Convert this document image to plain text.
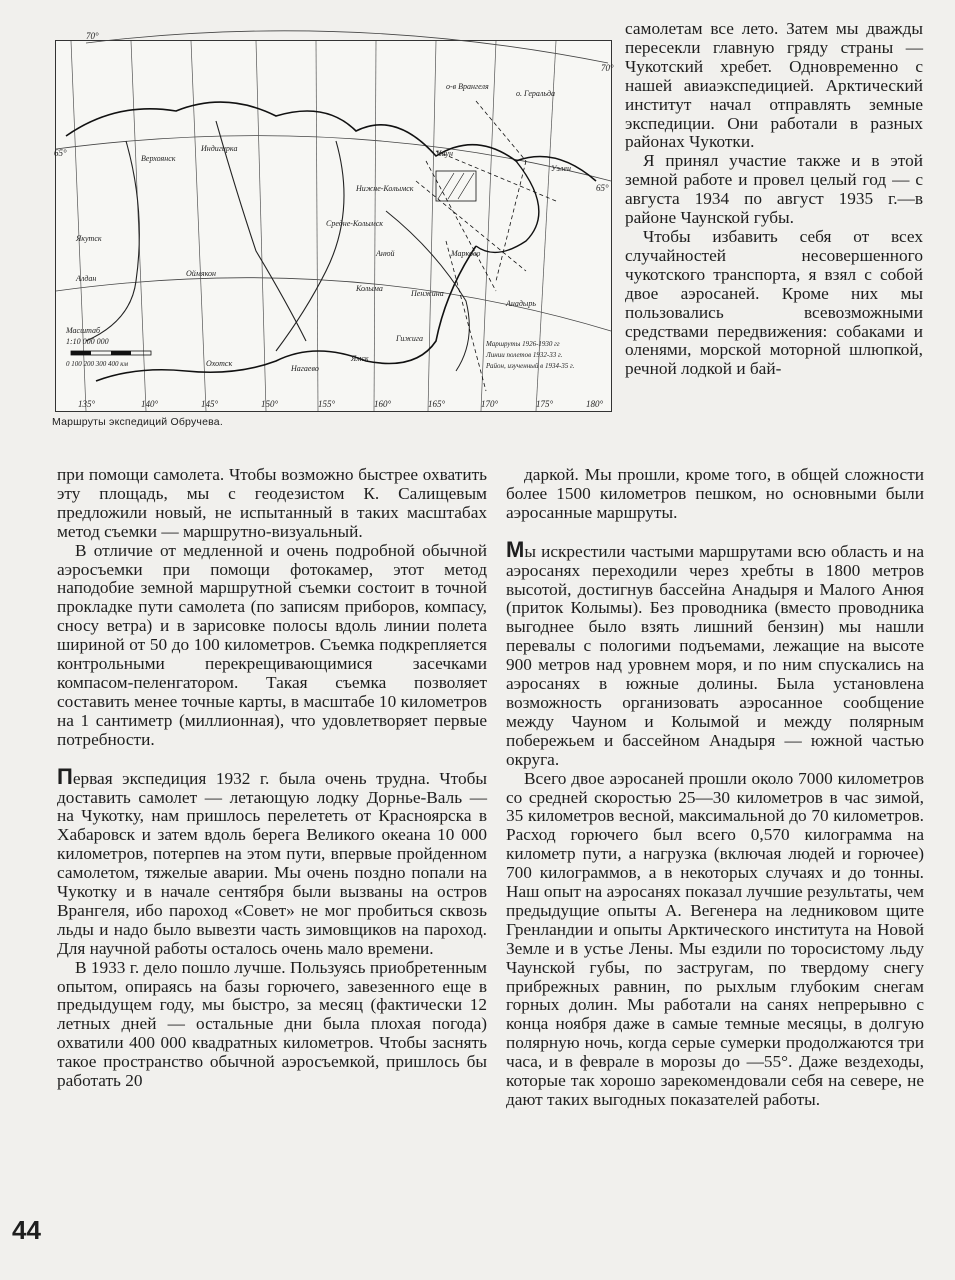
70°
70°
65°
65°
135°	140°	145°	150°	155°	160°	165°	170°	175°	180°
Верхоянск
Якутск
Алдан
Оймякон
Колыма
Чаун
Анадырь
Марково
Гижига
Охотск
Нагаево
Ямск
Пенжина
Уэлен
Индигирка
Нижне-Колымск
Средне-Колымск
Анюй
о-в Врангеля
о. Геральда
Масштаб
1:10 000 000
0 100 200 300 400 км
Маршруты 1926-1930 гг
Линии полетов 1932-33 г.
Район, изученный в 1934-35 г.
Маршруты экспедиций Обручева.

самолетам все лето. Затем мы дважды пересекли главную гряду страны — Чукотский хребет. Одновременно с нашей авиаэкспедицией. Арктический институт начал отправлять земные экспедиции. Они работали в разных районах Чукотки.

Я принял участие также и в этой земной работе и провел целый год — с августа 1934 по август 1935 г.—в районе Чаунской губы.

Чтобы избавить себя от всех случайностей несовершенного чукотского транспорта, я взял с собой двое аэросаней. Кроме них мы пользовались всевозможными средствами передвижения: собаками и оленями, морской моторной шлюпкой, речной лодкой и бай-

при помощи самолета. Чтобы возможно быстрее охватить эту площадь, мы с геодезистом К. Салищевым предложили новый, не испытанный в таких масштабах метод съемки — маршрутно-визуальный.

В отличие от медленной и очень подробной обычной аэросъемки при помощи фотокамер, этот метод наподобие земной маршрутной съемки состоит в точной прокладке пути самолета (по записям приборов, компасу, сносу ветра) и в зарисовке полосы вдоль линии полета шириной от 50 до 100 километров. Съемка подкрепляется контрольными перекрещивающимися засечками компасом-пеленгатором. Такая съемка позволяет составить менее точные карты, в масштабе 10 километров на 1 сантиметр (миллионная), что удовлетворяет первые потребности.

Первая экспедиция 1932 г. была очень трудна. Чтобы доставить самолет — летающую лодку Дорнье-Валь — на Чукотку, нам пришлось перелететь от Красноярска в Хабаровск и затем вдоль берега Великого океана 10 000 километров, потерпев на этом пути, впервые пройденном самолетом, тяжелые аварии. Мы очень поздно попали на Чукотку и в начале сентября были вызваны на остров Врангеля, ибо пароход «Совет» не мог пробиться сквозь льды и надо было вывезти часть зимовщиков на пароход. Для научной работы осталось очень мало времени.

В 1933 г. дело пошло лучше. Пользуясь приобретенным опытом, опираясь на базы горючего, завезенного еще в предыдущем году, мы быстро, за месяц (фактически 12 летных дней — остальные дни была плохая погода) охватили 400 000 квадратных километров. Чтобы заснять такое пространство обычной аэросъемкой, пришлось бы работать 20

даркой. Мы прошли, кроме того, в общей сложности более 1500 километров пешком, но основными были аэросанные маршруты.

Мы искрестили частыми маршрутами всю область и на аэросанях переходили через хребты в 1800 метров высотой, достигнув бассейна Анадыря и Малого Анюя (приток Колымы). Без проводника (вместо проводника выгоднее было взять лишний бензин) мы нашли перевалы с пологими подъемами, лежащие на высоте 900 метров над уровнем моря, и по ним спускались на аэросанях в южные долины. Была установлена возможность организовать аэросанное сообщение между Чауном и Колымой и между полярным побережьем и бассейном Анадыря — южной частью округа.

Всего двое аэросаней прошли около 7000 километров со средней скоростью 25—30 километров в час зимой, 35 километров весной, максимальной до 70 километров. Расход горючего был всего 0,570 килограмма на километр пути, а нагрузка (включая людей и горючее) 700 килограммов, а в некоторых случаях и до тонны. Наш опыт на аэросанях показал лучшие результаты, чем предыдущие опыты А. Вегенера на ледниковом щите Гренландии и опыты Арктического института на Новой Земле и в устье Лены. Мы ездили по торосистому льду Чаунской губы, по застругам, по твердому снегу прибрежных равнин, по рыхлым глубоким снегам горных долин. Мы работали на санях непрерывно с конца ноября даже в самые темные месяцы, в долгую полярную ночь, когда серые сумерки продолжаются три часа, и в феврале в морозы до —55°. Даже вездеходы, которые так хорошо зарекомендовали себя на севере, не дают таких выгодных показателей работы.

44
